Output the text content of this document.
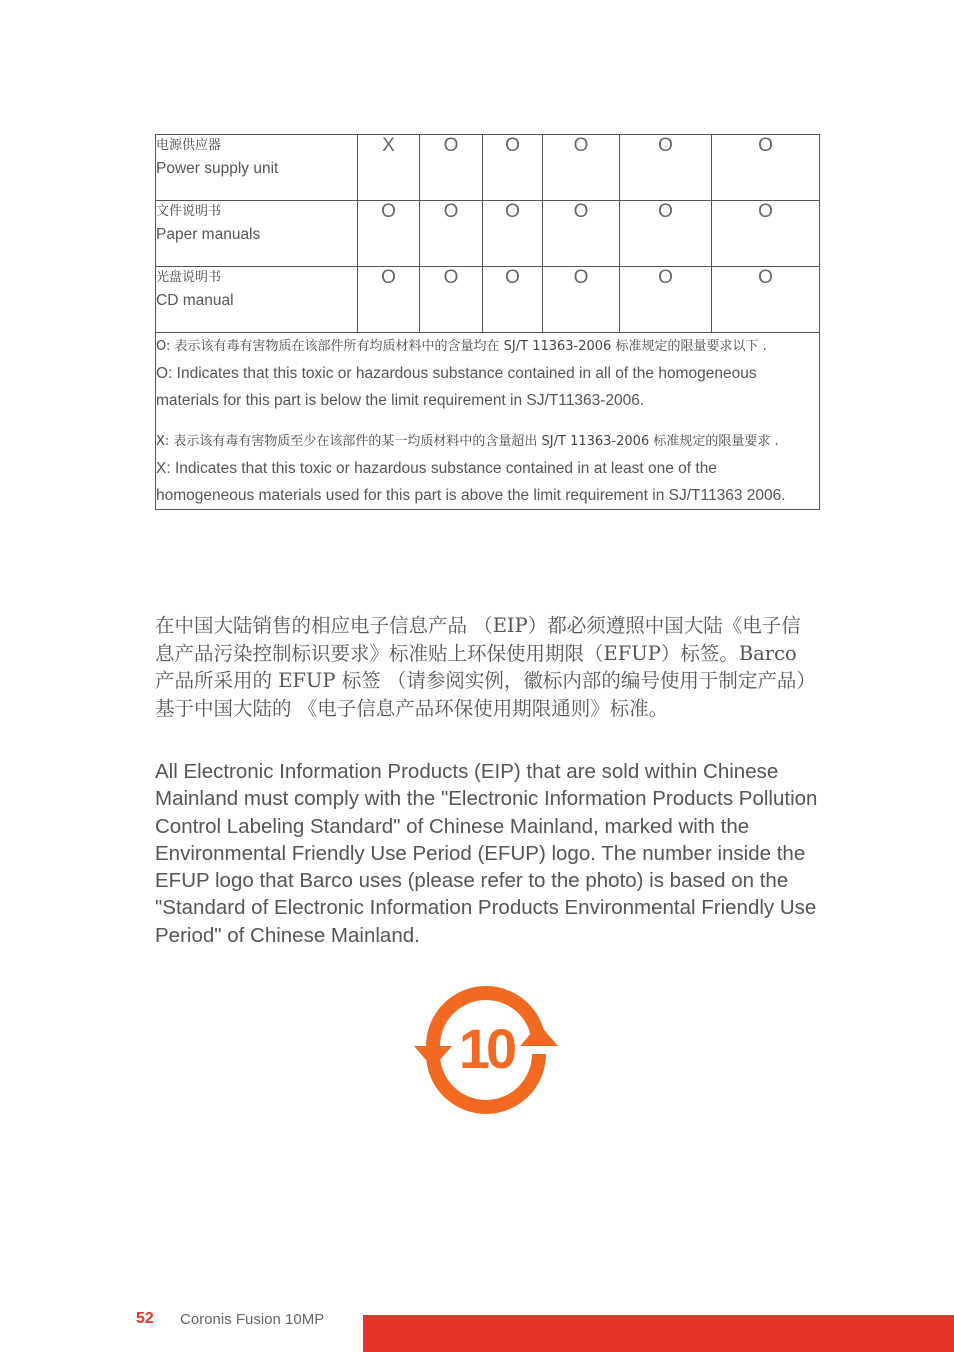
电源供应器
Power supply unit	X	O	O	O	O	O

文件说明书
Paper manuals	O	O	O	O	O	O

光盘说明书
CD manual	O	O	O	O	O	O

O: 表示该有毒有害物质在该部件所有均质材料中的含量均在 SJ/T 11363-2006 标准规定的限量要求以下 .
O: Indicates that this toxic or hazardous substance contained in all of the homogeneous materials for this part is below the limit requirement in SJ/T11363-2006.
X: 表示该有毒有害物质至少在该部件的某一均质材料中的含量超出 SJ/T 11363-2006 标准规定的限量要求 .
X: Indicates that this toxic or hazardous substance contained in at least one of the homogeneous materials used for this part is above the limit requirement in SJ/T11363 2006.						
在中国大陆销售的相应电子信息产品 （EIP）都必须遵照中国大陆《电子信息产品污染控制标识要求》标准贴上环保使用期限（EFUP）标签。Barco 产品所采用的 EFUP 标签 （请参阅实例，徽标内部的编号使用于制定产品）基于中国大陆的 《电子信息产品环保使用期限通则》标准。
All Electronic Information Products (EIP) that are sold within Chinese Mainland must comply with the "Electronic Information Products Pollution Control Labeling Standard" of Chinese Mainland, marked with the Environmental Friendly Use Period (EFUP) logo. The number inside the EFUP logo that Barco uses (please refer to the photo) is based on the "Standard of Electronic Information Products Environmental Friendly Use Period" of Chinese Mainland.
10
52 Coronis Fusion 10MP
